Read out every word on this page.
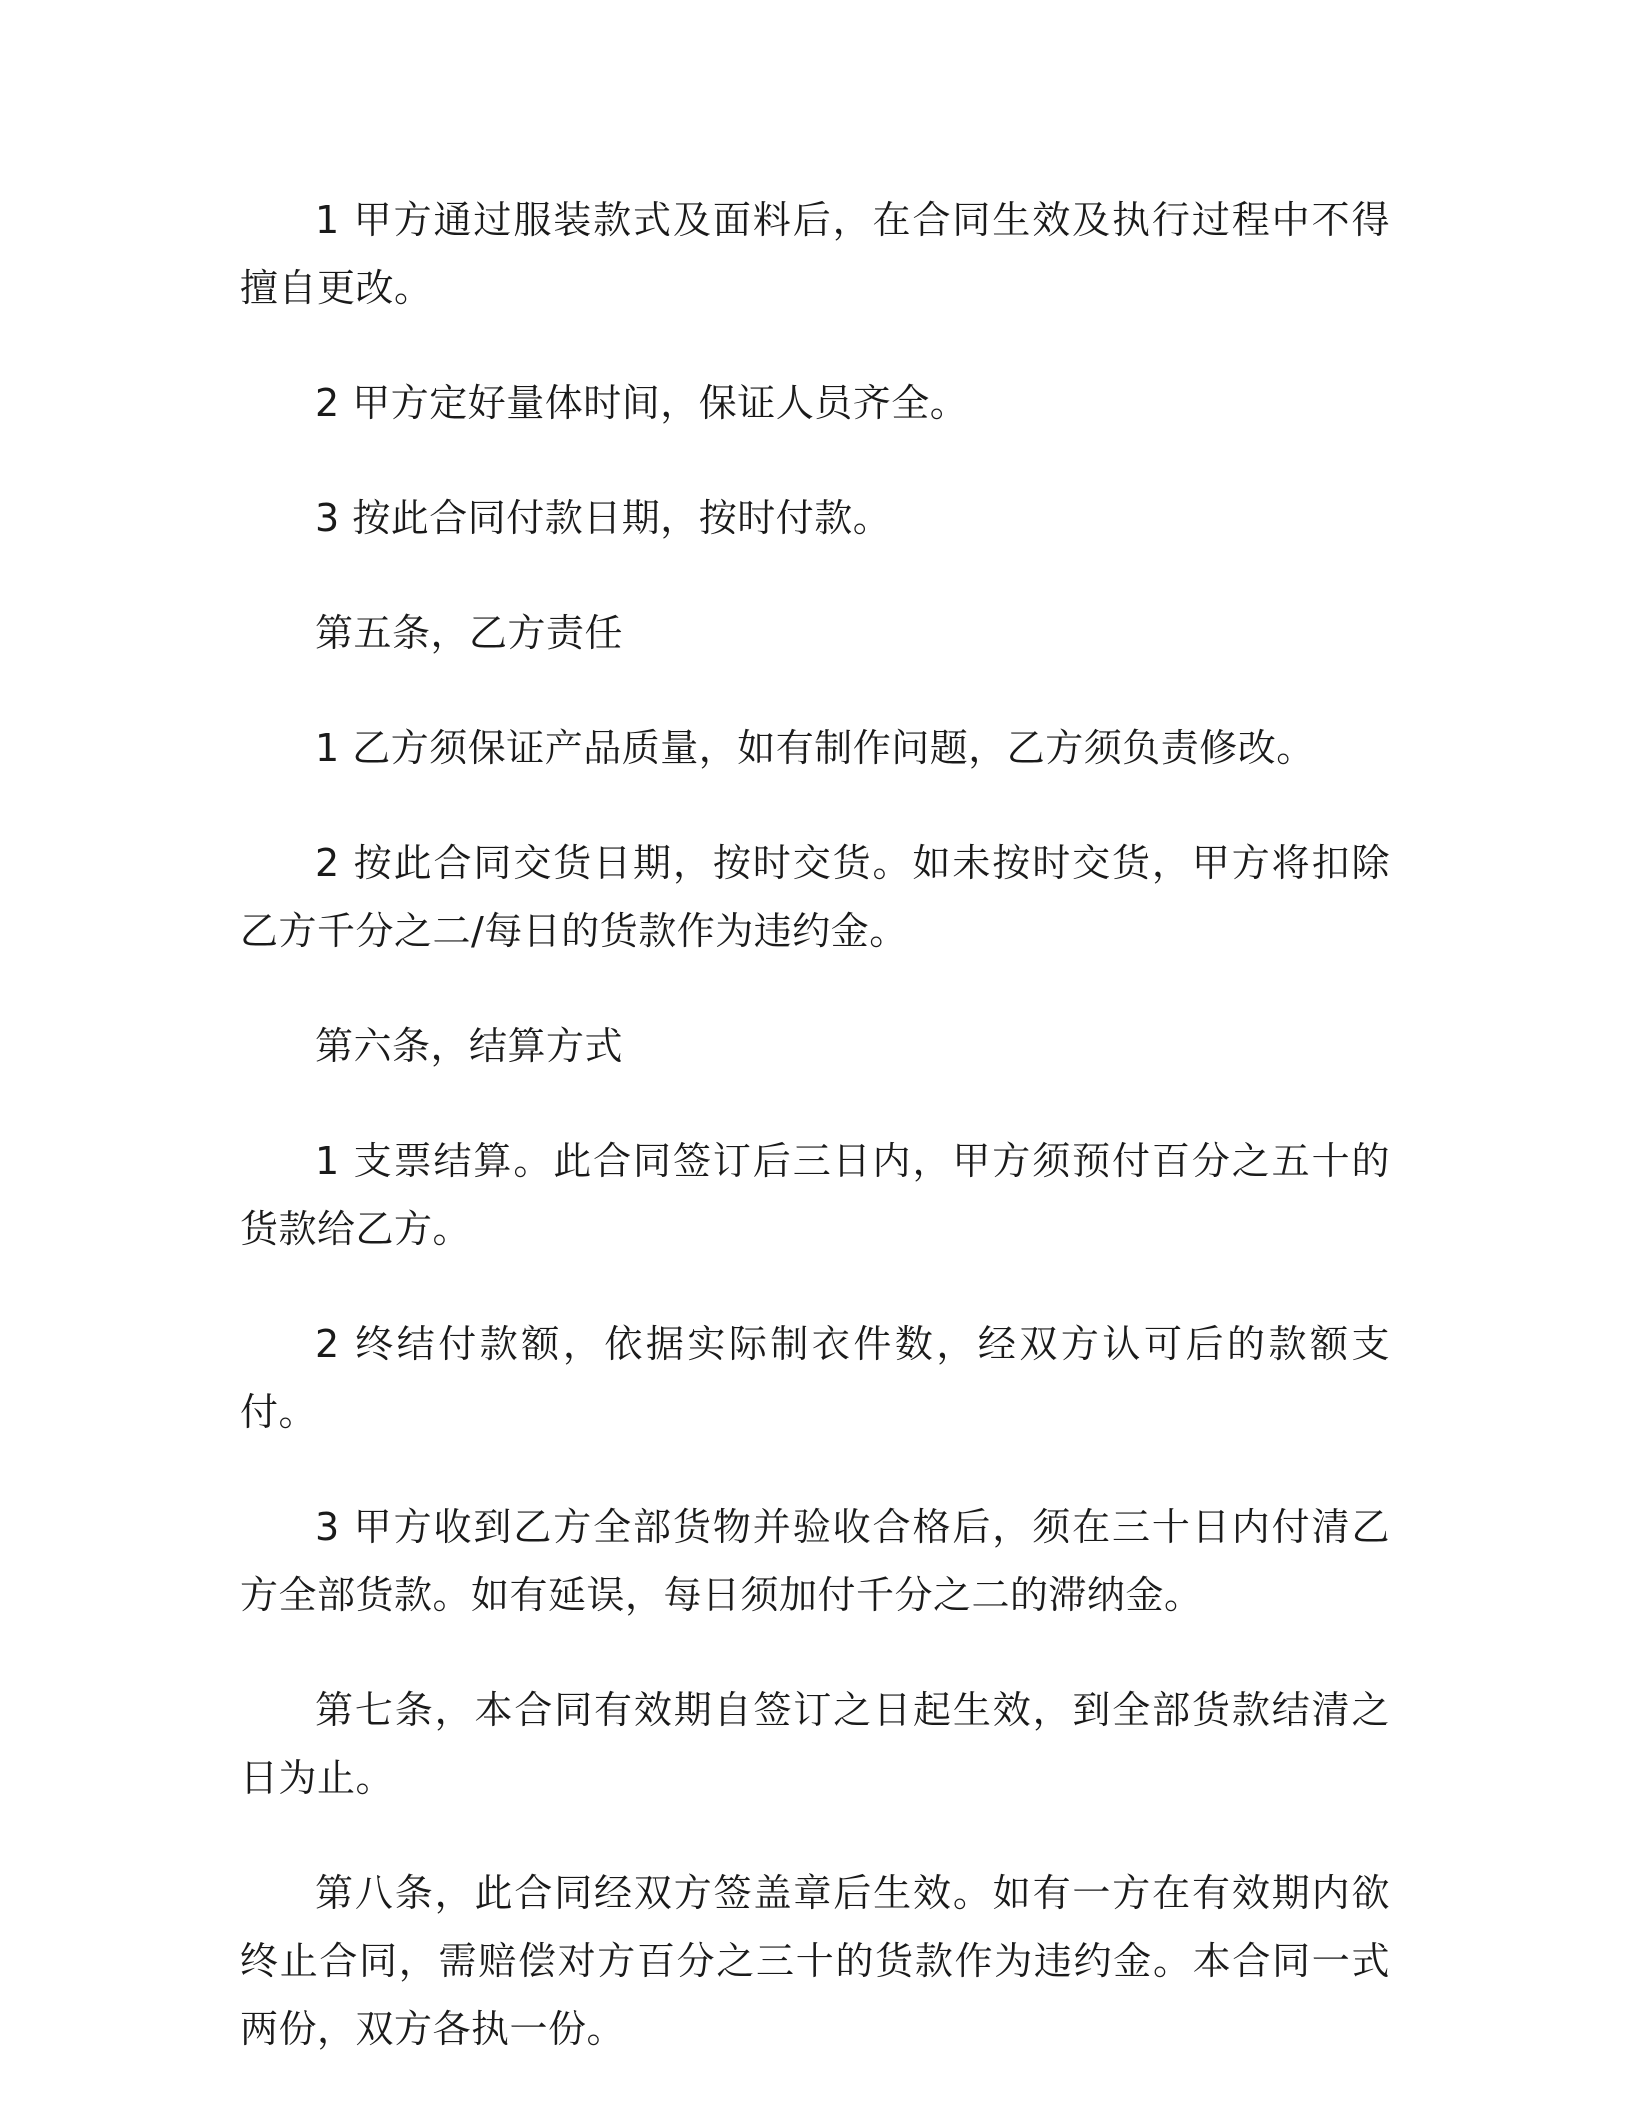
1 甲方通过服装款式及面料后，在合同生效及执行过程中不得擅自更改。

2 甲方定好量体时间，保证人员齐全。

3 按此合同付款日期，按时付款。

第五条，乙方责任

1 乙方须保证产品质量，如有制作问题，乙方须负责修改。

2 按此合同交货日期，按时交货。如未按时交货，甲方将扣除乙方千分之二/每日的货款作为违约金。

第六条，结算方式

1 支票结算。此合同签订后三日内，甲方须预付百分之五十的货款给乙方。

2 终结付款额，依据实际制衣件数，经双方认可后的款额支付。

3 甲方收到乙方全部货物并验收合格后，须在三十日内付清乙方全部货款。如有延误，每日须加付千分之二的滞纳金。

第七条，本合同有效期自签订之日起生效，到全部货款结清之日为止。

第八条，此合同经双方签盖章后生效。如有一方在有效期内欲终止合同，需赔偿对方百分之三十的货款作为违约金。本合同一式两份，双方各执一份。
